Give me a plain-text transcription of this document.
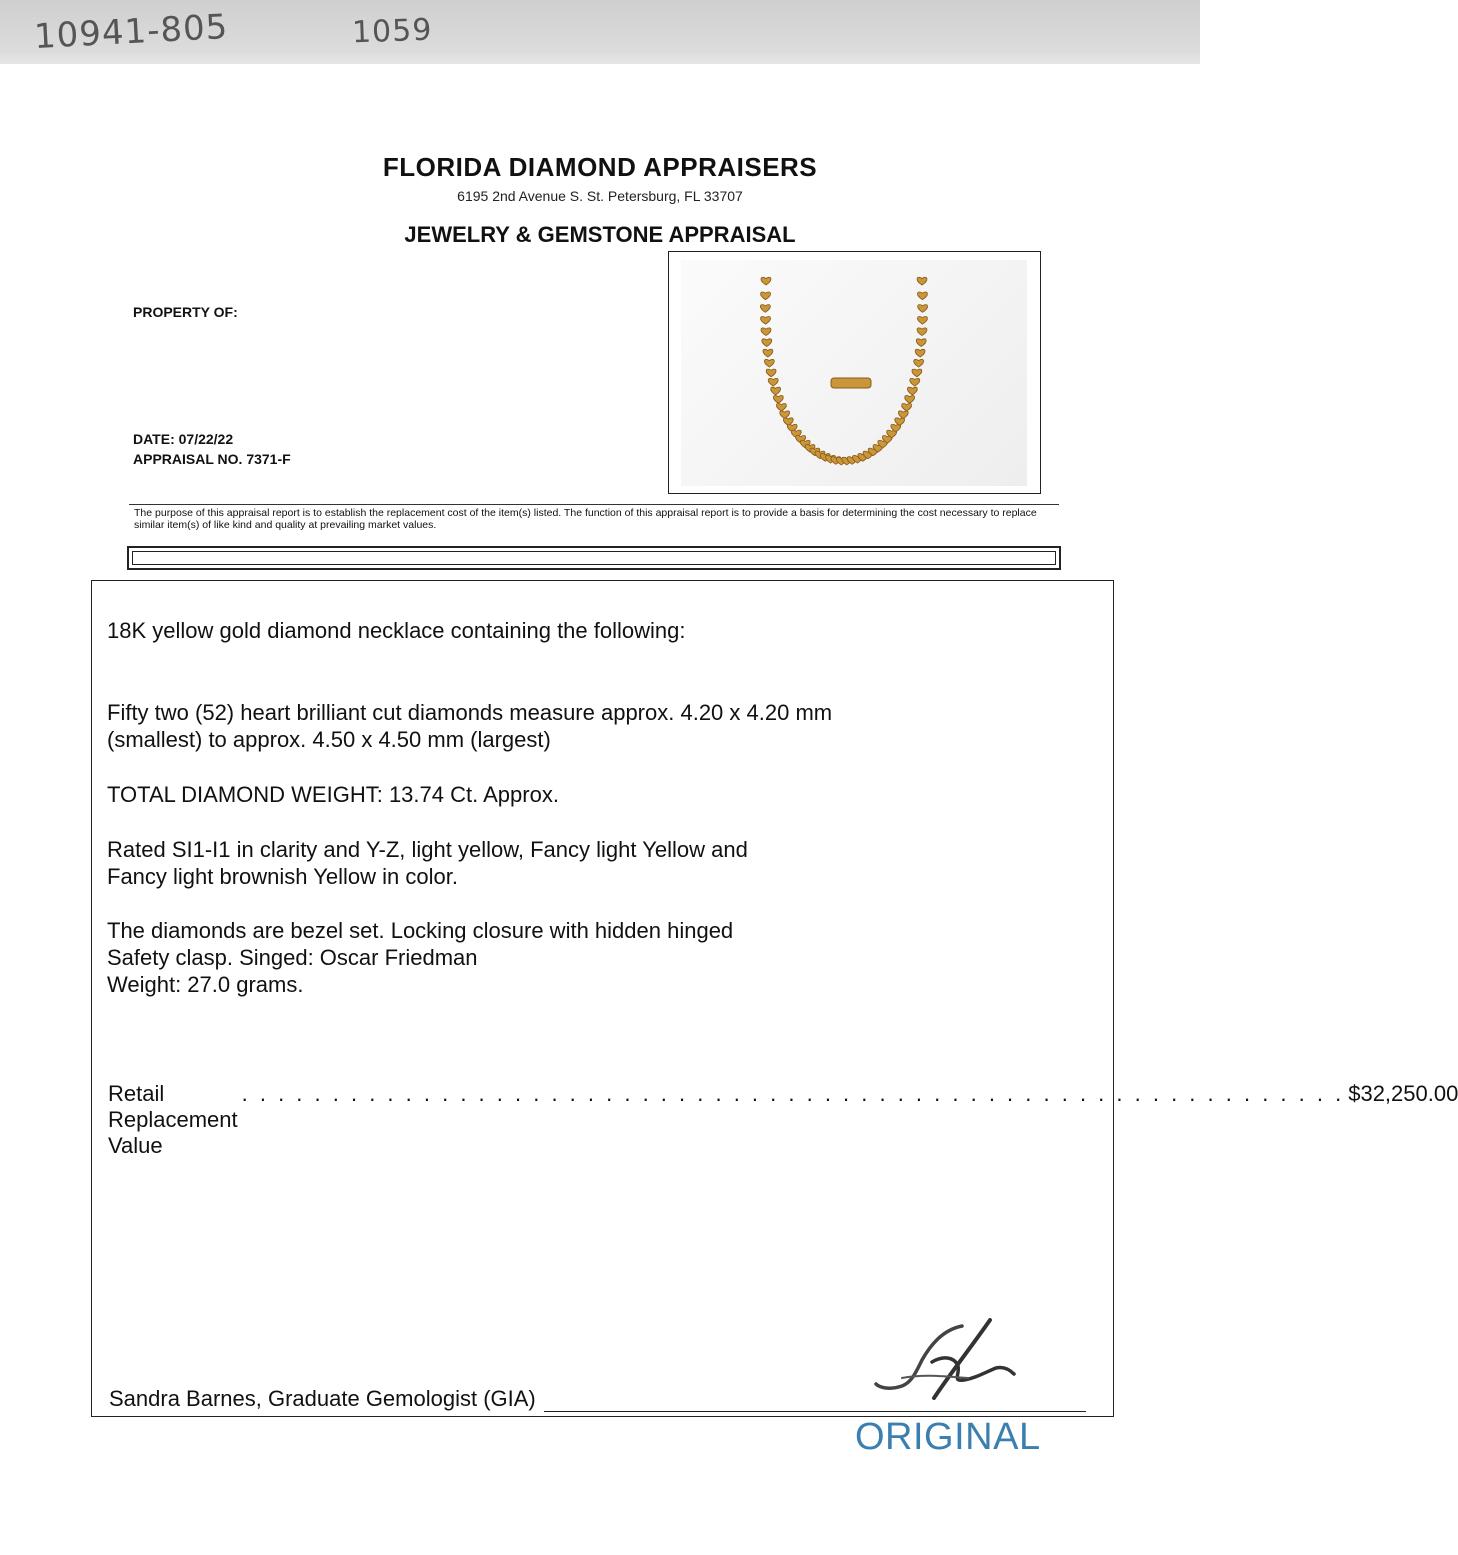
10941-805	1059
FLORIDA DIAMOND APPRAISERS
6195 2nd Avenue S. St. Petersburg, FL 33707
JEWELRY & GEMSTONE APPRAISAL
PROPERTY OF:
DATE: 07/22/22
APPRAISAL NO. 7371-F
The purpose of this appraisal report is to establish the replacement cost of the item(s) listed. The function of this appraisal report is to provide a basis for determining the cost necessary to replace similar item(s) of like kind and quality at prevailing market values.
18K yellow gold diamond necklace containing the following:
Fifty two (52) heart brilliant cut diamonds measure approx. 4.20 x 4.20 mm
(smallest) to approx. 4.50 x 4.50 mm (largest)
TOTAL DIAMOND WEIGHT: 13.74 Ct. Approx.
Rated SI1-I1 in clarity and Y-Z, light yellow, Fancy light Yellow and
Fancy light brownish Yellow in color.
The diamonds are bezel set. Locking closure with hidden hinged
Safety clasp. Singed: Oscar Friedman
Weight: 27.0 grams.
Retail Replacement Value
. . . . . . . . . . . . . . . . . . . . . . . . . . . . . . . . . . . . . . . . . . . . . . . . . . . . . . . . . . . . . $32,250.00
Sandra Barnes, Graduate Gemologist (GIA)
ORIGINAL
